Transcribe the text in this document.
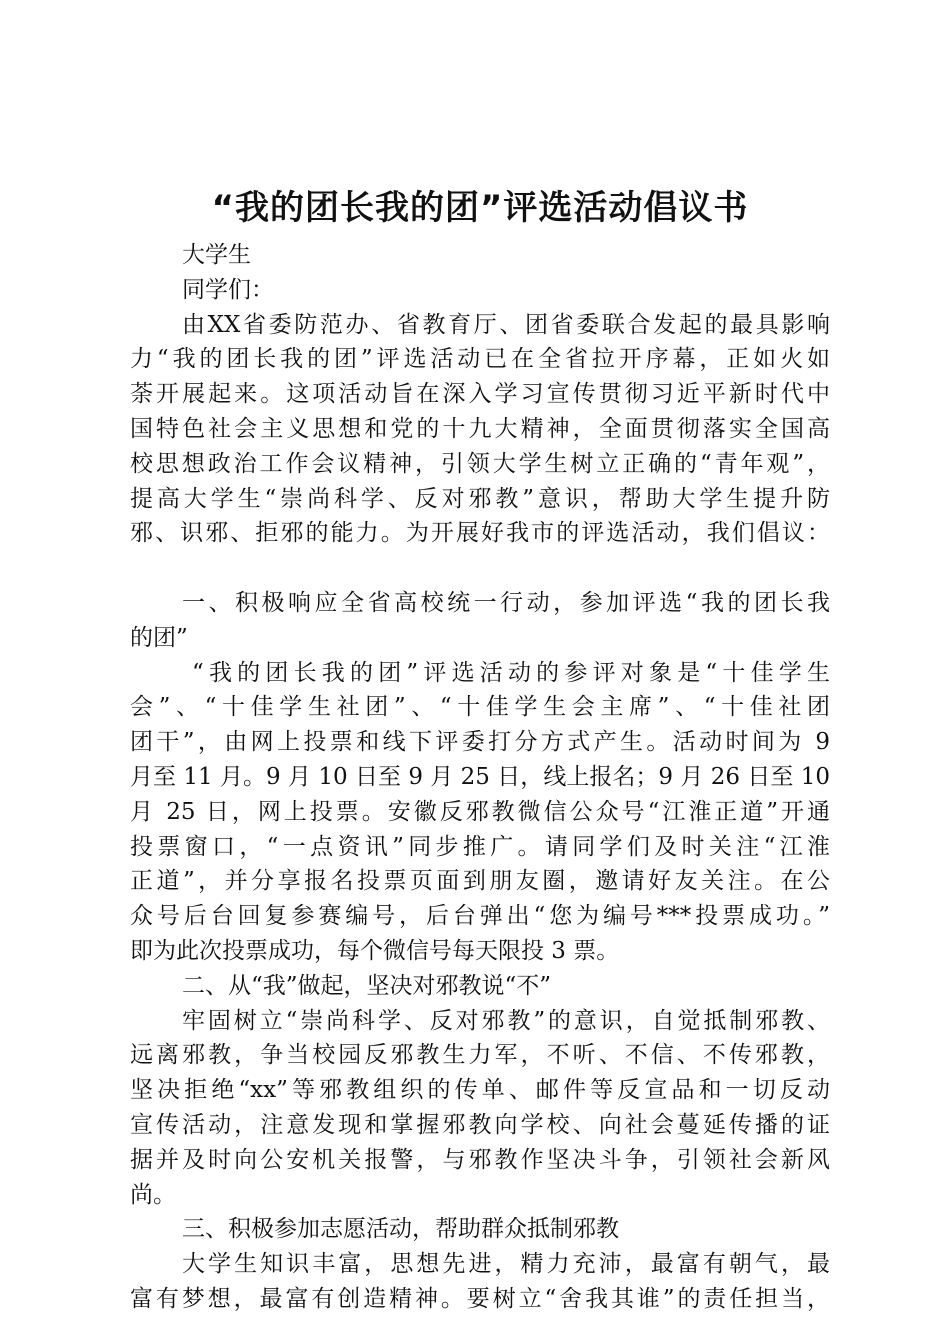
“我的团长我的团”评选活动倡议书
大学生
同学们：
由XX省委防范办、省教育厅、团省委联合发起的最具影响
力“我的团长我的团”评选活动已在全省拉开序幕，正如火如
荼开展起来。这项活动旨在深入学习宣传贯彻习近平新时代中
国特色社会主义思想和党的十九大精神，全面贯彻落实全国高
校思想政治工作会议精神，引领大学生树立正确的“青年观”，
提高大学生“崇尚科学、反对邪教”意识，帮助大学生提升防
邪、识邪、拒邪的能力。为开展好我市的评选活动，我们倡议：
一、积极响应全省高校统一行动，参加评选“我的团长我
的团”
“我的团长我的团”评选活动的参评对象是“十佳学生
会”、“十佳学生社团”、“十佳学生会主席”、“十佳社团
团干”，由网上投票和线下评委打分方式产生。活动时间为 9
月至 11 月。9 月 10 日至 9 月 25 日，线上报名；9 月 26 日至 10
月 25 日，网上投票。安徽反邪教微信公众号“江淮正道”开通
投票窗口，“一点资讯”同步推广。请同学们及时关注“江淮
正道”，并分享报名投票页面到朋友圈，邀请好友关注。在公
众号后台回复参赛编号，后台弹出“您为编号***投票成功。”
即为此次投票成功，每个微信号每天限投 3 票。
二、从“我”做起，坚决对邪教说“不”
牢固树立“崇尚科学、反对邪教”的意识，自觉抵制邪教、
远离邪教，争当校园反邪教生力军，不听、不信、不传邪教，
坚决拒绝“xx”等邪教组织的传单、邮件等反宣品和一切反动
宣传活动，注意发现和掌握邪教向学校、向社会蔓延传播的证
据并及时向公安机关报警，与邪教作坚决斗争，引领社会新风
尚。
三、积极参加志愿活动，帮助群众抵制邪教
大学生知识丰富，思想先进，精力充沛，最富有朝气，最
富有梦想，最富有创造精神。要树立“舍我其谁”的责任担当，
